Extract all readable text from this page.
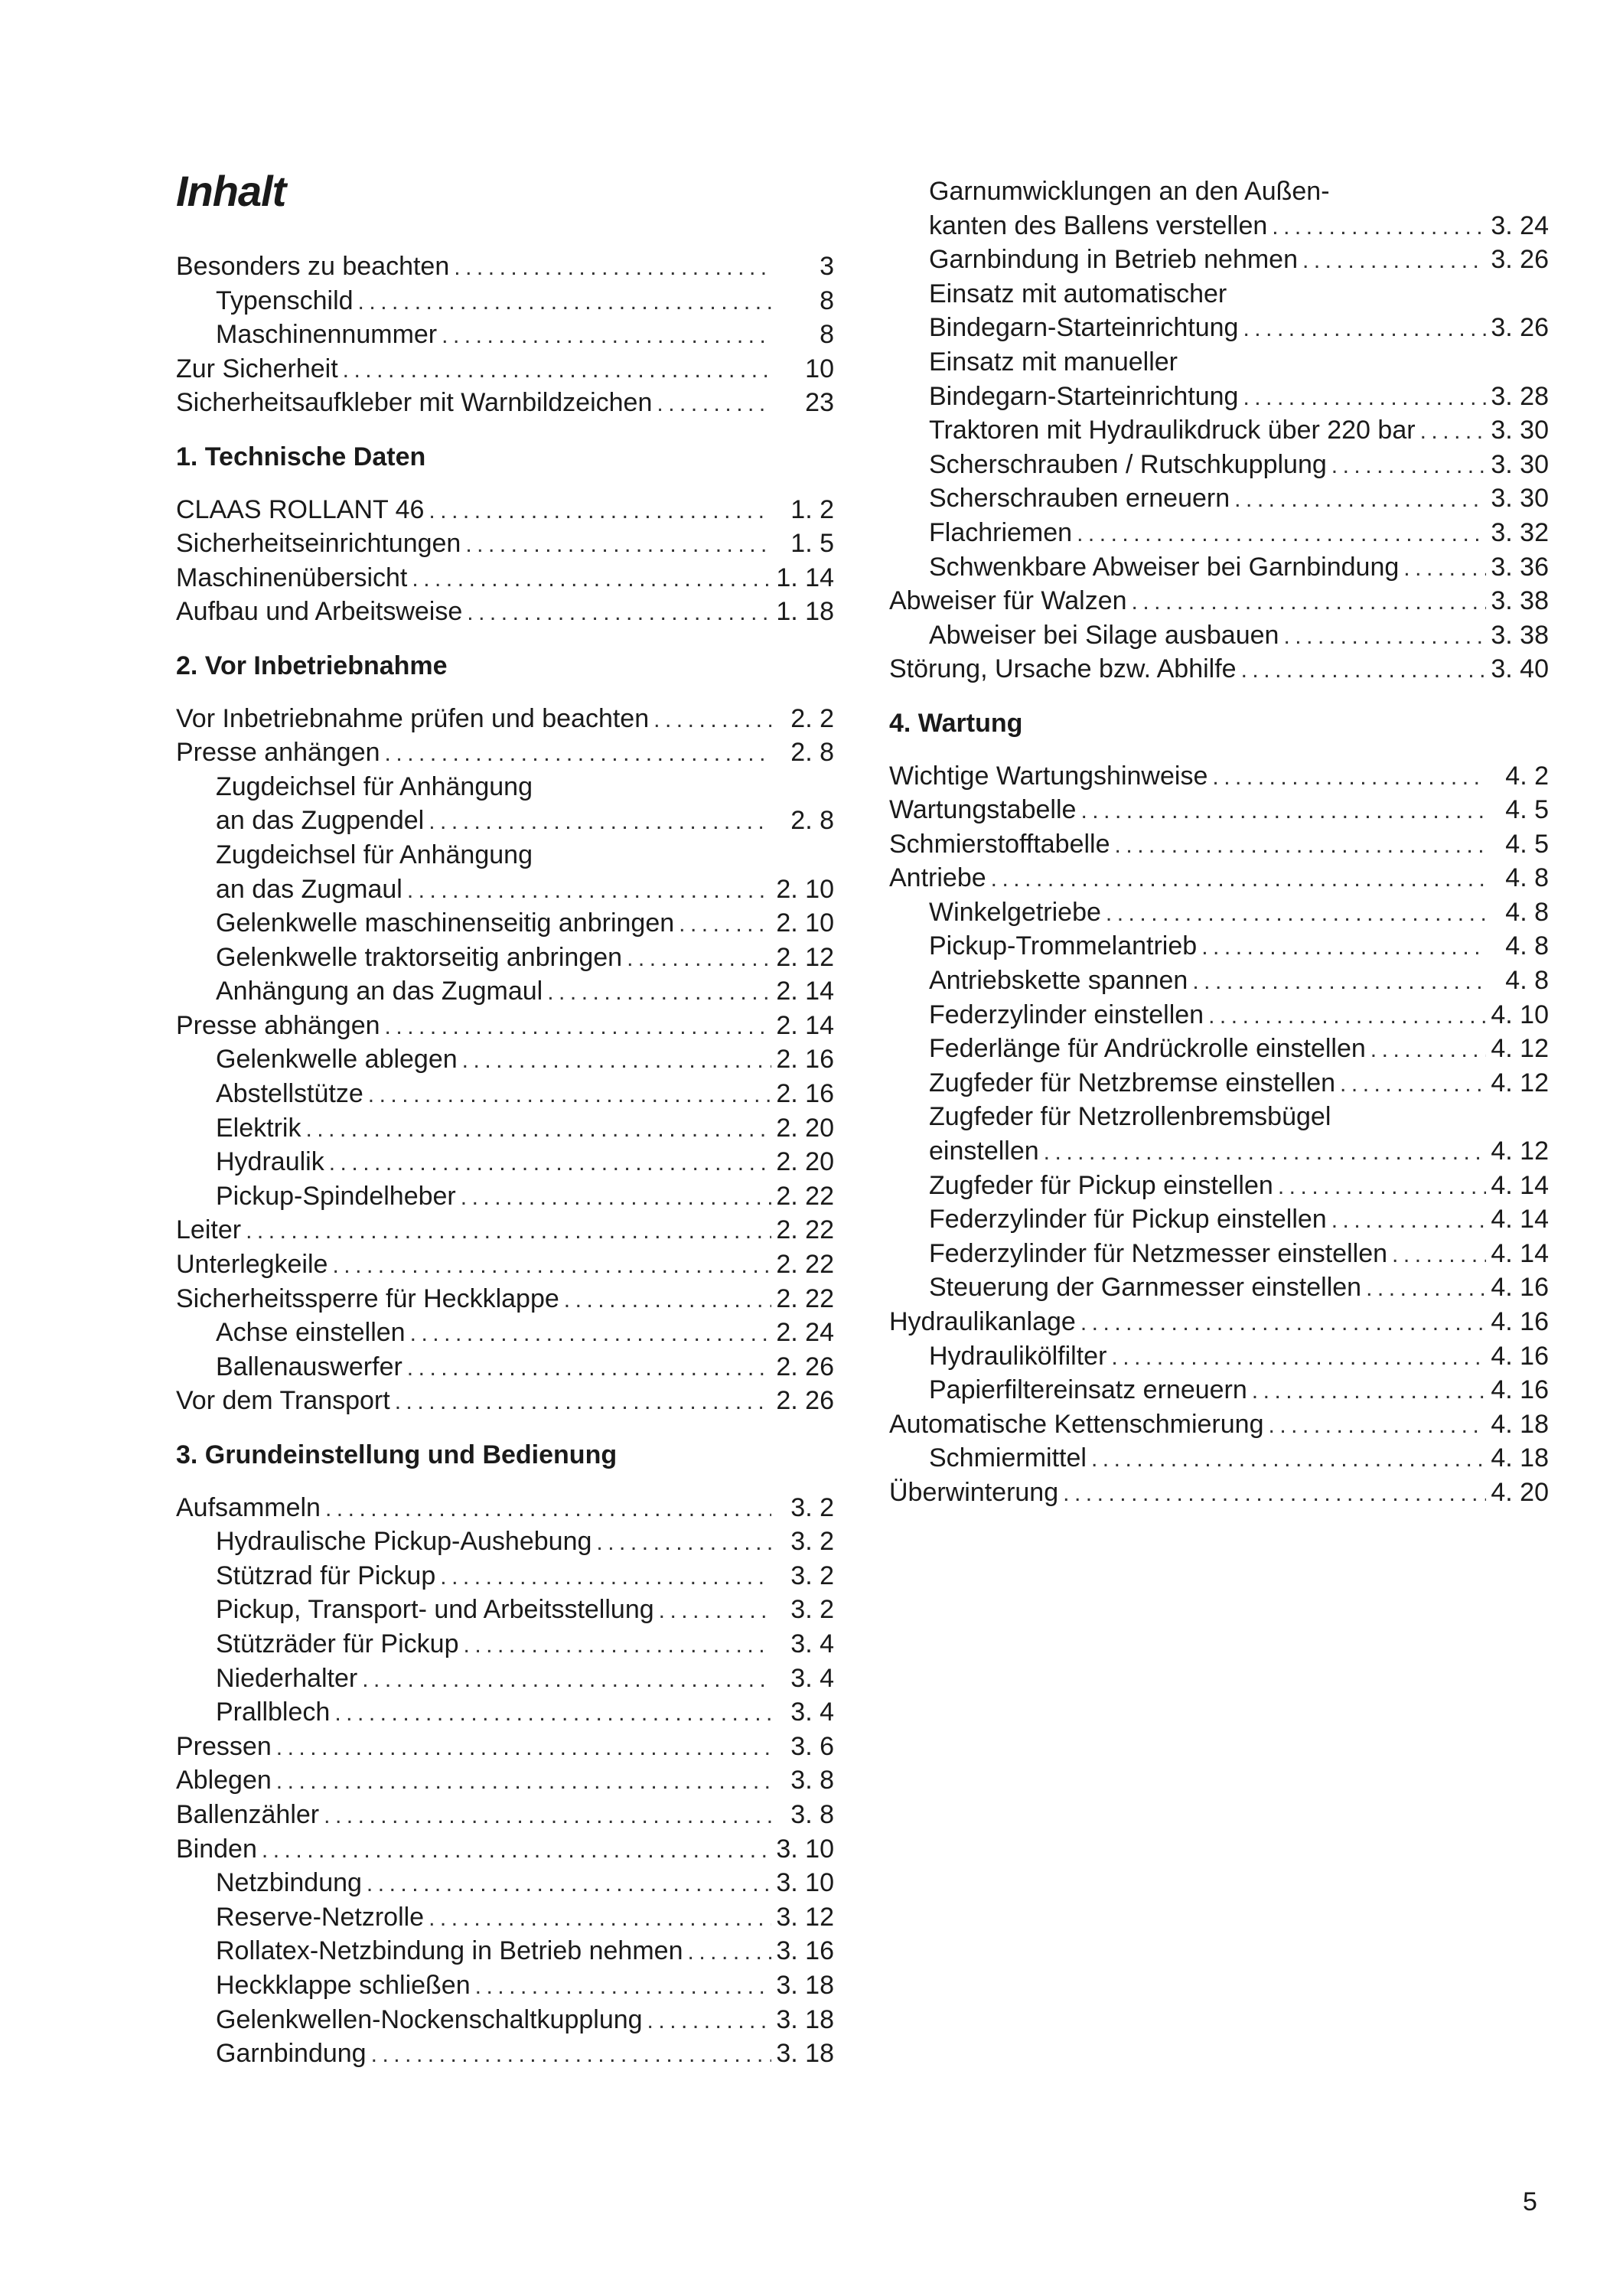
Inhalt
Besonders zu beachten .....	3
Typenschild .....	8
Maschinennummer .....	8
Zur Sicherheit .....	10
Sicherheitsaufkleber mit Warnbildzeichen .....	23
1. Technische Daten
CLAAS ROLLANT 46 .....	1. 2
Sicherheitseinrichtungen .....	1. 5
Maschinenübersicht .....	1. 14
Aufbau und Arbeitsweise .....	1. 18
2. Vor Inbetriebnahme
Vor Inbetriebnahme prüfen und beachten .....	2. 2
Presse anhängen .....	2. 8
Zugdeichsel für Anhängung
an das Zugpendel .....	2. 8
Zugdeichsel für Anhängung
an das Zugmaul .....	2. 10
Gelenkwelle maschinenseitig anbringen .....	2. 10
Gelenkwelle traktorseitig anbringen .....	2. 12
Anhängung an das Zugmaul .....	2. 14
Presse abhängen .....	2. 14
Gelenkwelle ablegen .....	2. 16
Abstellstütze .....	2. 16
Elektrik .....	2. 20
Hydraulik .....	2. 20
Pickup-Spindelheber .....	2. 22
Leiter .....	2. 22
Unterlegkeile .....	2. 22
Sicherheitssperre für Heckklappe .....	2. 22
Achse einstellen .....	2. 24
Ballenauswerfer .....	2. 26
Vor dem Transport .....	2. 26
3. Grundeinstellung und Bedienung
Aufsammeln .....	3. 2
Hydraulische Pickup-Aushebung .....	3. 2
Stützrad für Pickup .....	3. 2
Pickup, Transport- und Arbeitsstellung .....	3. 2
Stützräder für Pickup .....	3. 4
Niederhalter .....	3. 4
Prallblech .....	3. 4
Pressen .....	3. 6
Ablegen .....	3. 8
Ballenzähler .....	3. 8
Binden .....	3. 10
Netzbindung .....	3. 10
Reserve-Netzrolle .....	3. 12
Rollatex-Netzbindung in Betrieb nehmen .....	3. 16
Heckklappe schließen .....	3. 18
Gelenkwellen-Nockenschaltkupplung .....	3. 18
Garnbindung .....	3. 18
Garnumwicklungen an den Außen-
kanten des Ballens verstellen .....	3. 24
Garnbindung in Betrieb nehmen .....	3. 26
Einsatz mit automatischer
Bindegarn-Starteinrichtung .....	3. 26
Einsatz mit manueller
Bindegarn-Starteinrichtung .....	3. 28
Traktoren mit Hydraulikdruck über 220 bar .....	3. 30
Scherschrauben / Rutschkupplung .....	3. 30
Scherschrauben erneuern .....	3. 30
Flachriemen .....	3. 32
Schwenkbare Abweiser bei Garnbindung .....	3. 36
Abweiser für Walzen .....	3. 38
Abweiser bei Silage ausbauen .....	3. 38
Störung, Ursache bzw. Abhilfe .....	3. 40
4. Wartung
Wichtige Wartungshinweise .....	4. 2
Wartungstabelle .....	4. 5
Schmierstofftabelle .....	4. 5
Antriebe .....	4. 8
Winkelgetriebe .....	4. 8
Pickup-Trommelantrieb .....	4. 8
Antriebskette spannen .....	4. 8
Federzylinder einstellen .....	4. 10
Federlänge für Andrückrolle einstellen .....	4. 12
Zugfeder für Netzbremse einstellen .....	4. 12
Zugfeder für Netzrollenbremsbügel
einstellen .....	4. 12
Zugfeder für Pickup einstellen .....	4. 14
Federzylinder für Pickup einstellen .....	4. 14
Federzylinder für Netzmesser einstellen .....	4. 14
Steuerung der Garnmesser einstellen .....	4. 16
Hydraulikanlage .....	4. 16
Hydraulikölfilter .....	4. 16
Papierfiltereinsatz erneuern .....	4. 16
Automatische Kettenschmierung .....	4. 18
Schmiermittel .....	4. 18
Überwinterung .....	4. 20
5
